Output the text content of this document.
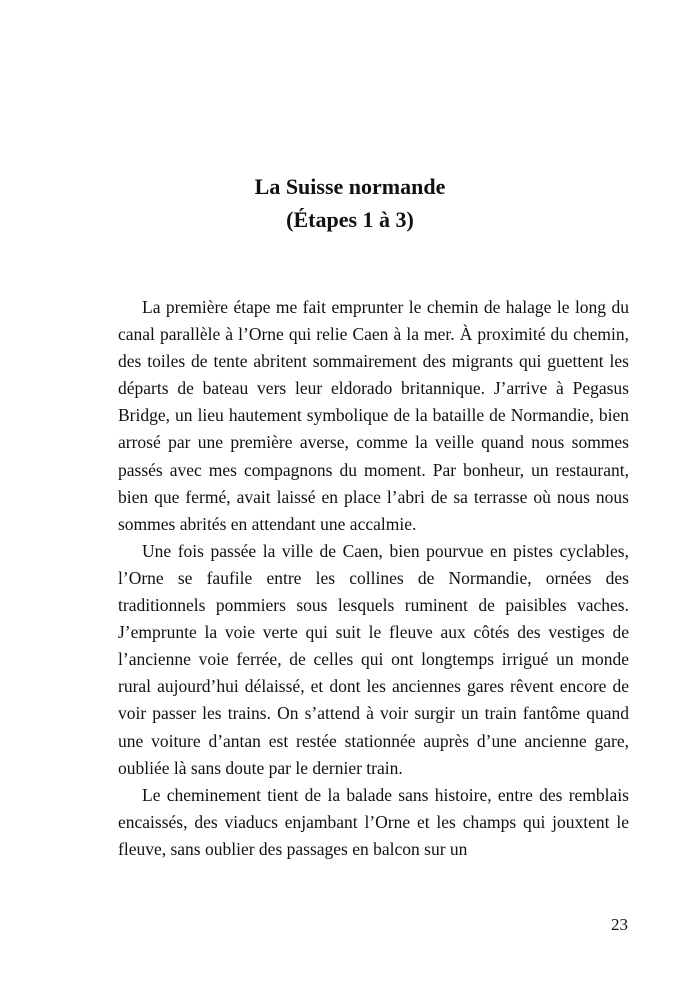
La Suisse normande
(Étapes 1 à 3)

La première étape me fait emprunter le chemin de halage le long du canal parallèle à l’Orne qui relie Caen à la mer. À proximité du chemin, des toiles de tente abritent sommairement des migrants qui guettent les départs de bateau vers leur eldorado britannique. J’arrive à Pegasus Bridge, un lieu hautement symbolique de la bataille de Normandie, bien arrosé par une première averse, comme la veille quand nous sommes passés avec mes compagnons du moment. Par bonheur, un restaurant, bien que fermé, avait laissé en place l’abri de sa terrasse où nous nous sommes abrités en attendant une accalmie.

Une fois passée la ville de Caen, bien pourvue en pistes cyclables, l’Orne se faufile entre les collines de Normandie, ornées des traditionnels pommiers sous lesquels ruminent de paisibles vaches. J’emprunte la voie verte qui suit le fleuve aux côtés des vestiges de l’ancienne voie ferrée, de celles qui ont longtemps irrigué un monde rural aujourd’hui délaissé, et dont les anciennes gares rêvent encore de voir passer les trains. On s’attend à voir surgir un train fantôme quand une voiture d’antan est restée stationnée auprès d’une ancienne gare, oubliée là sans doute par le dernier train.

Le cheminement tient de la balade sans histoire, entre des remblais encaissés, des viaducs enjambant l’Orne et les champs qui jouxtent le fleuve, sans oublier des passages en balcon sur un

23
